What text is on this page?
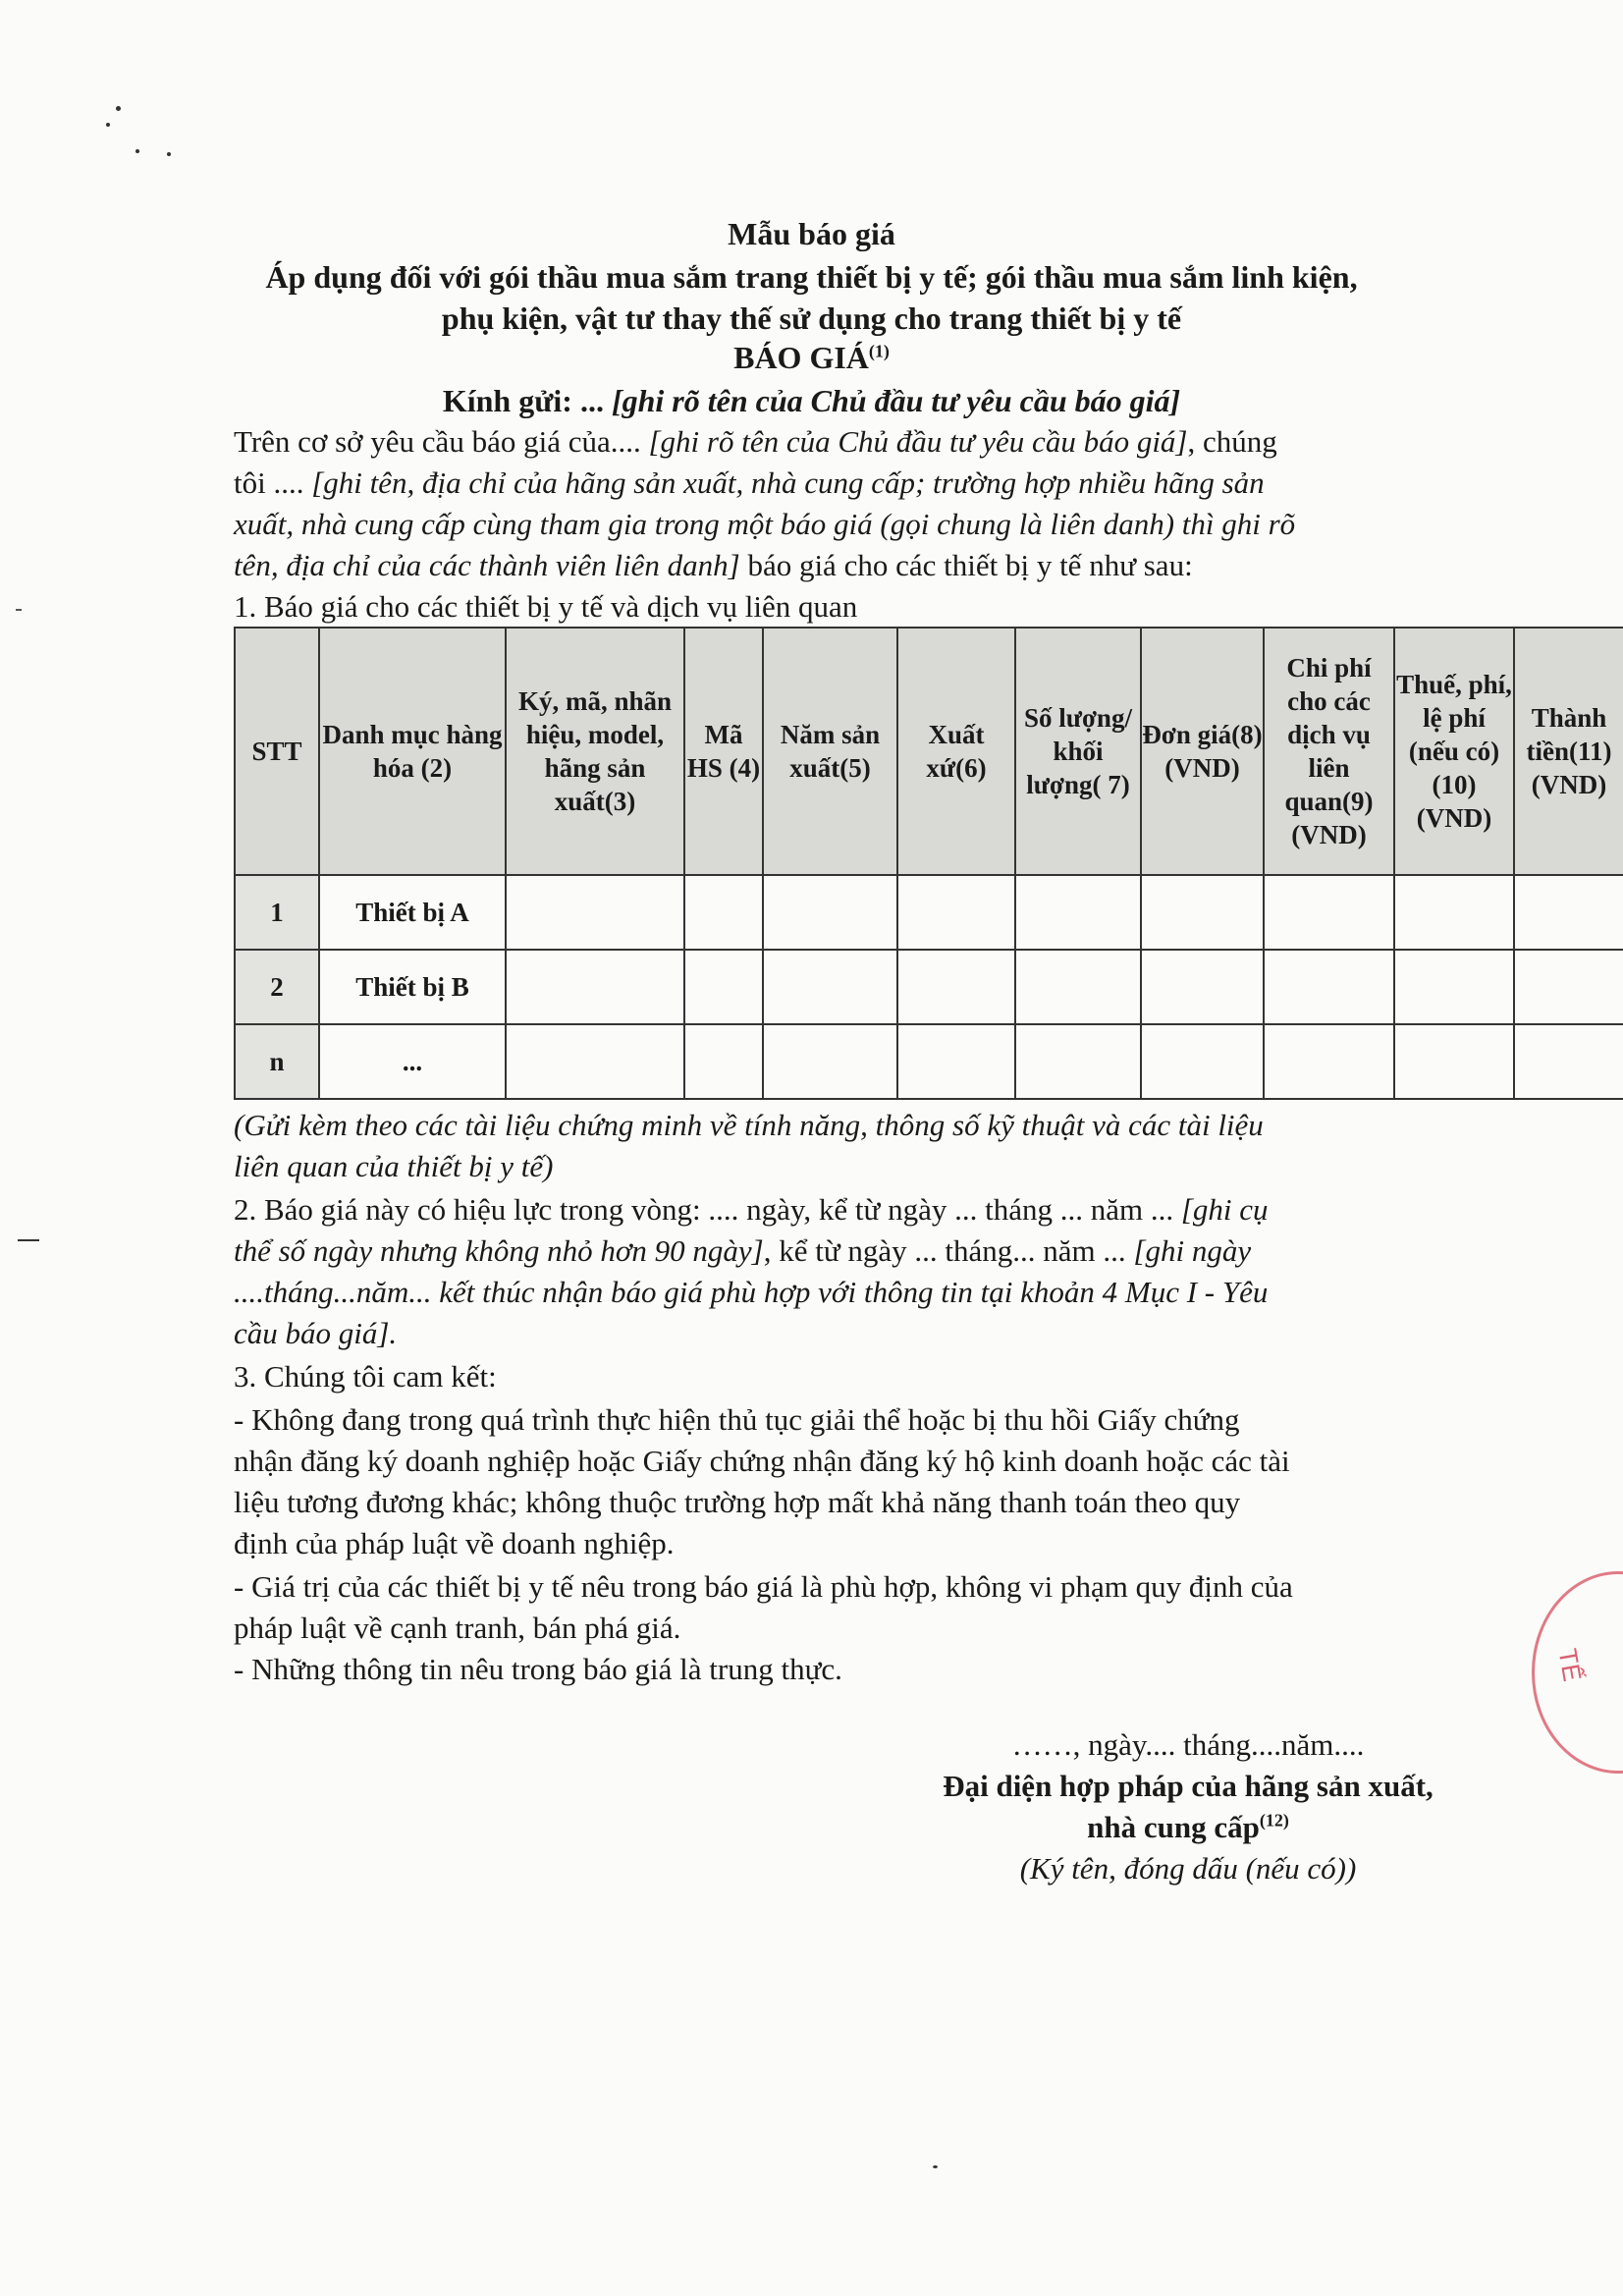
Mẫu báo giá
Áp dụng đối với gói thầu mua sắm trang thiết bị y tế; gói thầu mua sắm linh kiện,
phụ kiện, vật tư thay thế sử dụng cho trang thiết bị y tế
BÁO GIÁ$^{(1)}$
Kính gửi: ... [ghi rõ tên của Chủ đầu tư yêu cầu báo giá]
Trên cơ sở yêu cầu báo giá của.... [ghi rõ tên của Chủ đầu tư yêu cầu báo giá], chúng
tôi .... [ghi tên, địa chỉ của hãng sản xuất, nhà cung cấp; trường hợp nhiều hãng sản
xuất, nhà cung cấp cùng tham gia trong một báo giá (gọi chung là liên danh) thì ghi rõ
tên, địa chỉ của các thành viên liên danh] báo giá cho các thiết bị y tế như sau:
1. Báo giá cho các thiết bị y tế và dịch vụ liên quan
STT	Danh mục hàng hóa (2)	Ký, mã, nhãn hiệu, model, hãng sản xuất(3)	Mã HS (4)	Năm sản xuất(5)	Xuất xứ(6)	Số lượng/ khối lượng( 7)	Đơn giá(8) (VND)	Chi phí cho các dịch vụ liên quan(9) (VND)	Thuế, phí, lệ phí (nếu có)(10) (VND)	Thành tiền(11) (VND)
1	Thiết bị A									
2	Thiết bị B									
n	...									
(Gửi kèm theo các tài liệu chứng minh về tính năng, thông số kỹ thuật và các tài liệu
liên quan của thiết bị y tế)
2. Báo giá này có hiệu lực trong vòng: .... ngày, kể từ ngày ... tháng ... năm ... [ghi cụ
thể số ngày nhưng không nhỏ hơn 90 ngày], kể từ ngày ... tháng... năm ... [ghi ngày
....tháng...năm... kết thúc nhận báo giá phù hợp với thông tin tại khoản 4 Mục I - Yêu
cầu báo giá].
3. Chúng tôi cam kết:
- Không đang trong quá trình thực hiện thủ tục giải thể hoặc bị thu hồi Giấy chứng
nhận đăng ký doanh nghiệp hoặc Giấy chứng nhận đăng ký hộ kinh doanh hoặc các tài
liệu tương đương khác; không thuộc trường hợp mất khả năng thanh toán theo quy
định của pháp luật về doanh nghiệp.
- Giá trị của các thiết bị y tế nêu trong báo giá là phù hợp, không vi phạm quy định của
pháp luật về cạnh tranh, bán phá giá.
- Những thông tin nêu trong báo giá là trung thực.
……, ngày.... tháng....năm....
Đại diện hợp pháp của hãng sản xuất,
nhà cung cấp$^{(12)}$
(Ký tên, đóng dấu (nếu có))
TẾ
